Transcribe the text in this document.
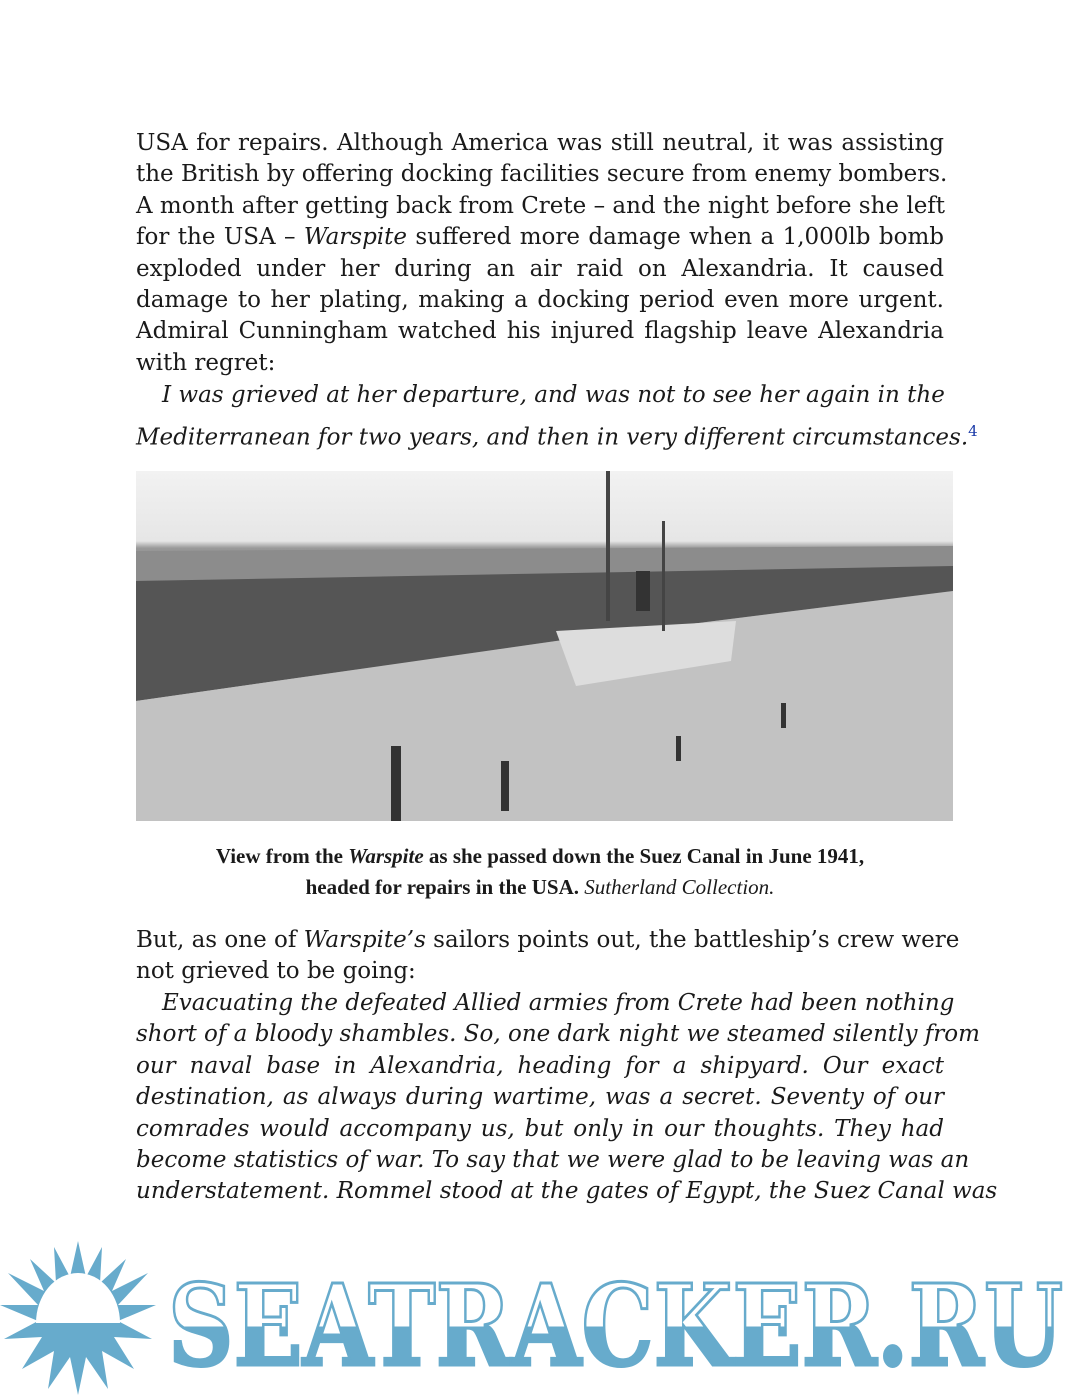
USA for repairs. Although America was still neutral, it was assisting
the British by offering docking facilities secure from enemy bombers.
A month after getting back from Crete – and the night before she left
for the USA – Warspite suffered more damage when a 1,000lb bomb
exploded under her during an air raid on Alexandria. It caused
damage to her plating, making a docking period even more urgent.
Admiral Cunningham watched his injured flagship leave Alexandria
with regret:
I was grieved at her departure, and was not to see her again in the
Mediterranean for two years, and then in very different circumstances.$^4$
View from the Warspite as she passed down the Suez Canal in June 1941,
headed for repairs in the USA. Sutherland Collection.
But, as one of Warspite’s sailors points out, the battleship’s crew were
not grieved to be going:
Evacuating the defeated Allied armies from Crete had been nothing
short of a bloody shambles. So, one dark night we steamed silently from
our naval base in Alexandria, heading for a shipyard. Our exact
destination, as always during wartime, was a secret. Seventy of our
comrades would accompany us, but only in our thoughts. They had
become statistics of war. To say that we were glad to be leaving was an
understatement. Rommel stood at the gates of Egypt, the Suez Canal was
SEATRACKER.RU
